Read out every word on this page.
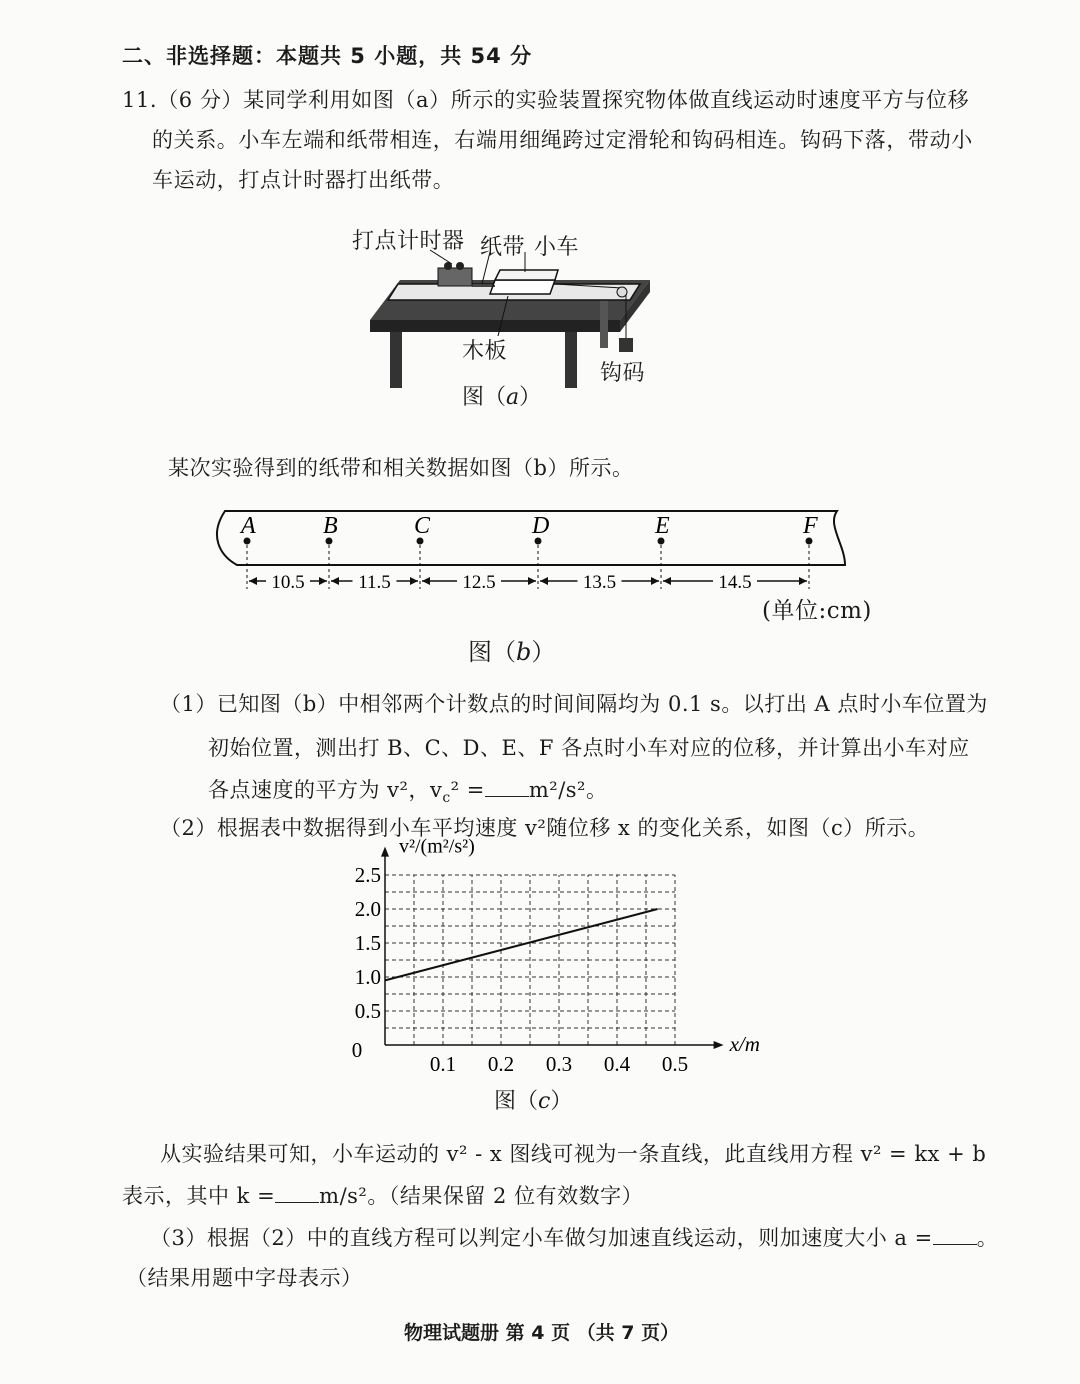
二、非选择题：本题共 5 小题，共 54 分
11.（6 分）某同学利用如图（a）所示的实验装置探究物体做直线运动时速度平方与位移
的关系。小车左端和纸带相连，右端用细绳跨过定滑轮和钩码相连。钩码下落，带动小
车运动，打点计时器打出纸带。
打点计时器 纸带 小车
木板
钩码
图（a）
某次实验得到的纸带和相关数据如图（b）所示。
A	B	C	D	E	F
10.5	11.5	12.5	13.5	14.5
(单位:cm)
图（b）
（1）已知图（b）中相邻两个计数点的时间间隔均为 0.1 s。以打出 A 点时小车位置为
初始位置，测出打 B、C、D、E、F 各点时小车对应的位移，并计算出小车对应
各点速度的平方为 v²，$v_c^2 = m^2/s^2$。
（2）根据表中数据得到小车平均速度 v²随位移 x 的变化关系，如图（c）所示。
0.1 0.2 0.3 0.4 0.5
0.5
1.0
1.5
2.0
2.5
0	x/m
v²/(m²/s²)
图（c）
从实验结果可知，小车运动的 v² - x 图线可视为一条直线，此直线用方程 v² = kx + b
表示，其中 k = m/s²。（结果保留 2 位有效数字）
（3）根据（2）中的直线方程可以判定小车做匀加速直线运动，则加速度大小 a = 。
（结果用题中字母表示）
物理试题册 第 4 页 （共 7 页）
